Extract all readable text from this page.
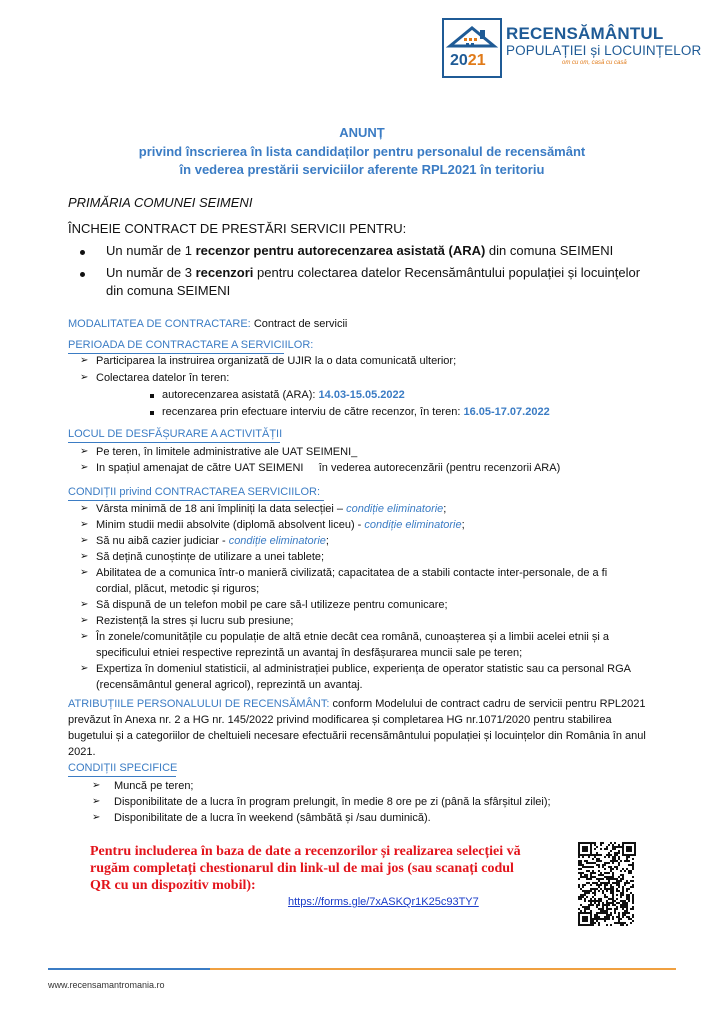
2021
RECENSĂMÂNTUL
POPULAȚIEI și LOCUINȚELOR
om cu om, casă cu casă
ANUNȚ
privind înscrierea în lista candidaților pentru personalul de recensământ
în vederea prestării serviciilor aferente RPL2021 în teritoriu
PRIMĂRIA COMUNEI SEIMENI
ÎNCHEIE CONTRACT DE PRESTĂRI SERVICII PENTRU:
Un număr de 1 recenzor pentru autorecenzarea asistată (ARA) din comuna SEIMENI
Un număr de 3 recenzori pentru colectarea datelor Recensământului populației și locuințelor
din comuna SEIMENI
MODALITATEA DE CONTRACTARE: Contract de servicii
PERIOADA DE CONTRACTARE A SERVICIILOR:
➢ Participarea la instruirea organizată de UJIR la o data comunicată ulterior;
➢ Colectarea datelor în teren:
autorecenzarea asistată (ARA): 14.03-15.05.2022
recenzarea prin efectuare interviu de către recenzor, în teren: 16.05-17.07.2022
LOCUL DE DESFĂȘURARE A ACTIVITĂȚII
➢ Pe teren, în limitele administrative ale UAT SEIMENI_
➢ In spațiul amenajat de către UAT SEIMENI     în vederea autorecenzării (pentru recenzorii ARA)
CONDIȚII privind CONTRACTAREA SERVICIILOR:
➢ Vârsta minimă de 18 ani împliniți la data selecției – condiție eliminatorie;
➢ Minim studii medii absolvite (diplomă absolvent liceu) - condiție eliminatorie;
➢ Să nu aibă cazier judiciar - condiție eliminatorie;
➢ Să dețină cunoștințe de utilizare a unei tablete;
➢ Abilitatea de a comunica într-o manieră civilizată; capacitatea de a stabili contacte inter-personale, de a fi
cordial, plăcut, metodic și riguros;
➢ Să dispună de un telefon mobil pe care să-l utilizeze pentru comunicare;
➢ Rezistență la stres și lucru sub presiune;
➢ În zonele/comunitățile cu populație de altă etnie decât cea română, cunoașterea și a limbii acelei etnii și a
specificului etniei respective reprezintă un avantaj în desfășurarea muncii sale pe teren;
➢ Expertiza în domeniul statisticii, al administrației publice, experiența de operator statistic sau ca personal RGA
(recensământul general agricol), reprezintă un avantaj.
ATRIBUȚIILE PERSONALULUI DE RECENSĂMÂNT: conform Modelului de contract cadru de servicii pentru RPL2021
prevăzut în Anexa nr. 2 a HG nr. 145/2022 privind modificarea și completarea HG nr.1071/2020 pentru stabilirea
bugetului și a categoriilor de cheltuieli necesare efectuării recensământului populației și locuințelor din România în anul
2021.
CONDIȚII SPECIFICE
➢ Muncă pe teren;
➢ Disponibilitate de a lucra în program prelungit, în medie 8 ore pe zi (până la sfârșitul zilei);
➢ Disponibilitate de a lucra în weekend (sâmbătă și /sau duminică).
Pentru includerea în baza de date a recenzorilor și realizarea selecției vă
rugăm completați chestionarul din link-ul de mai jos (sau scanați codul
QR cu un dispozitiv mobil):
https://forms.gle/7xASKQr1K25c93TY7
www.recensamantromania.ro
